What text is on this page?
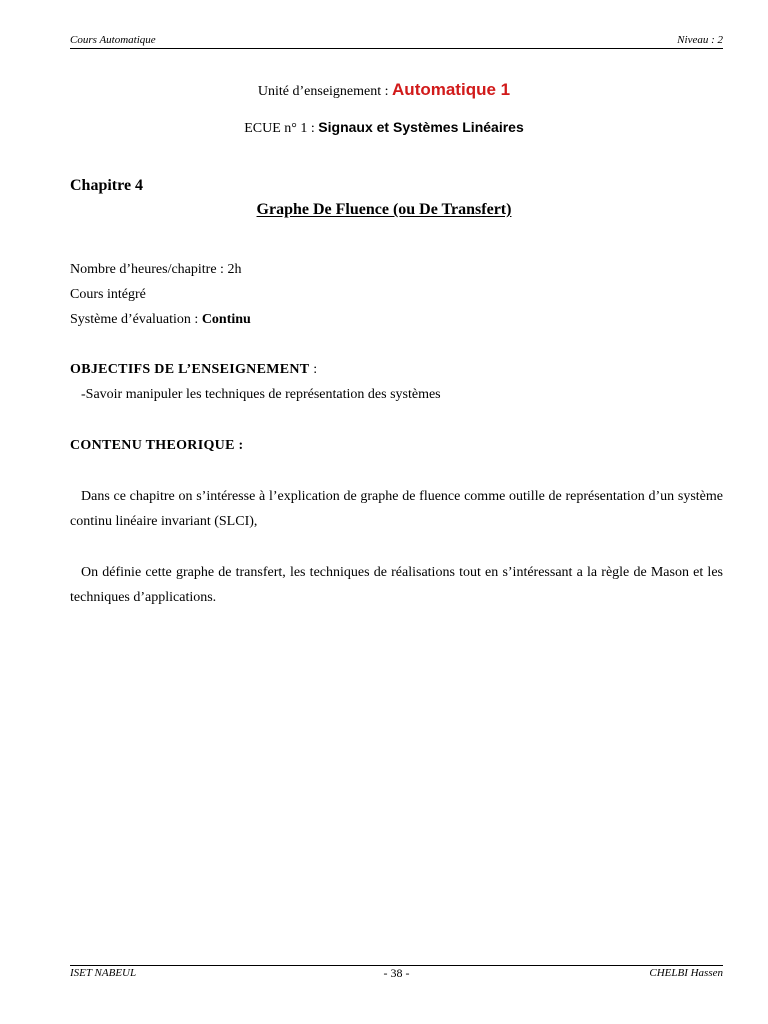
Cours Automatique	Niveau : 2
Unité d’enseignement : Automatique 1
ECUE n° 1 : Signaux et Systèmes Linéaires
Chapitre 4
Graphe De Fluence (ou De Transfert)
Nombre d’heures/chapitre : 2h
Cours intégré
Système d’évaluation : Continu
OBJECTIFS DE L’ENSEIGNEMENT :
-Savoir manipuler les techniques de représentation des systèmes
CONTENU THEORIQUE :

Dans ce chapitre on s’intéresse à l’explication de graphe de fluence comme outille de représentation d’un système continu linéaire invariant (SLCI),

On définie cette graphe de transfert, les techniques de réalisations tout en s’intéressant a la règle de Mason et les techniques d’applications.

ISET NABEUL	- 38 -	CHELBI Hassen
